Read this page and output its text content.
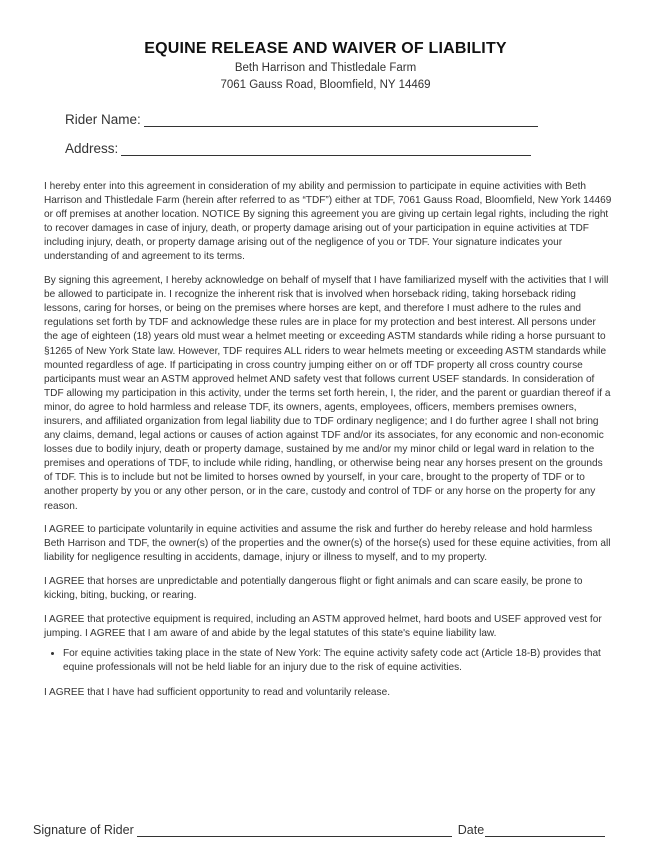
EQUINE RELEASE AND WAIVER OF LIABILITY
Beth Harrison and Thistledale Farm
7061 Gauss Road, Bloomfield, NY 14469
Rider Name:
Address:

I hereby enter into this agreement in consideration of my ability and permission to participate in equine activities with Beth Harrison and Thistledale Farm (herein after referred to as “TDF”) either at TDF, 7061 Gauss Road, Bloomfield, New York 14469 or off premises at another location. NOTICE By signing this agreement you are giving up certain legal rights, including the right to recover damages in case of injury, death, or property damage arising out of your participation in equine activities at TDF including injury, death, or property damage arising out of the negligence of you or TDF. Your signature indicates your understanding of and agreement to its terms.

By signing this agreement, I hereby acknowledge on behalf of myself that I have familiarized myself with the activities that I will be allowed to participate in. I recognize the inherent risk that is involved when horseback riding, taking horseback riding lessons, caring for horses, or being on the premises where horses are kept, and therefore I must adhere to the rules and regulations set forth by TDF and acknowledge these rules are in place for my protection and best interest. All persons under the age of eighteen (18) years old must wear a helmet meeting or exceeding ASTM standards while riding a horse pursuant to §1265 of New York State law. However, TDF requires ALL riders to wear helmets meeting or exceeding ASTM standards while mounted regardless of age. If participating in cross country jumping either on or off TDF property all cross country course participants must wear an ASTM approved helmet AND safety vest that follows current USEF standards. In consideration of TDF allowing my participation in this activity, under the terms set forth herein, I, the rider, and the parent or guardian thereof if a minor, do agree to hold harmless and release TDF, its owners, agents, employees, officers, members premises owners, insurers, and affiliated organization from legal liability due to TDF ordinary negligence; and I do further agree I shall not bring any claims, demand, legal actions or causes of action against TDF and/or its associates, for any economic and non-economic losses due to bodily injury, death or property damage, sustained by me and/or my minor child or legal ward in relation to the premises and operations of TDF, to include while riding, handling, or otherwise being near any horses present on the grounds of TDF. This is to include but not be limited to horses owned by yourself, in your care, brought to the property of TDF or to another property by you or any other person, or in the care, custody and control of TDF or any horse on the property for any reason.

I AGREE to participate voluntarily in equine activities and assume the risk and further do hereby release and hold harmless Beth Harrison and TDF, the owner(s) of the properties and the owner(s) of the horse(s) used for these equine activities, from all liability for negligence resulting in accidents, damage, injury or illness to myself, and to my property.

I AGREE that horses are unpredictable and potentially dangerous flight or fight animals and can scare easily, be prone to kicking, biting, bucking, or rearing.

I AGREE that protective equipment is required, including an ASTM approved helmet, hard boots and USEF approved vest for jumping. I AGREE that I am aware of and abide by the legal statutes of this state's equine liability law.

• For equine activities taking place in the state of New York: The equine activity safety code act (Article 18-B) provides that equine professionals will not be held liable for an injury due to the risk of equine activities.

I AGREE that I have had sufficient opportunity to read and voluntarily release.

Signature of Rider	Date
